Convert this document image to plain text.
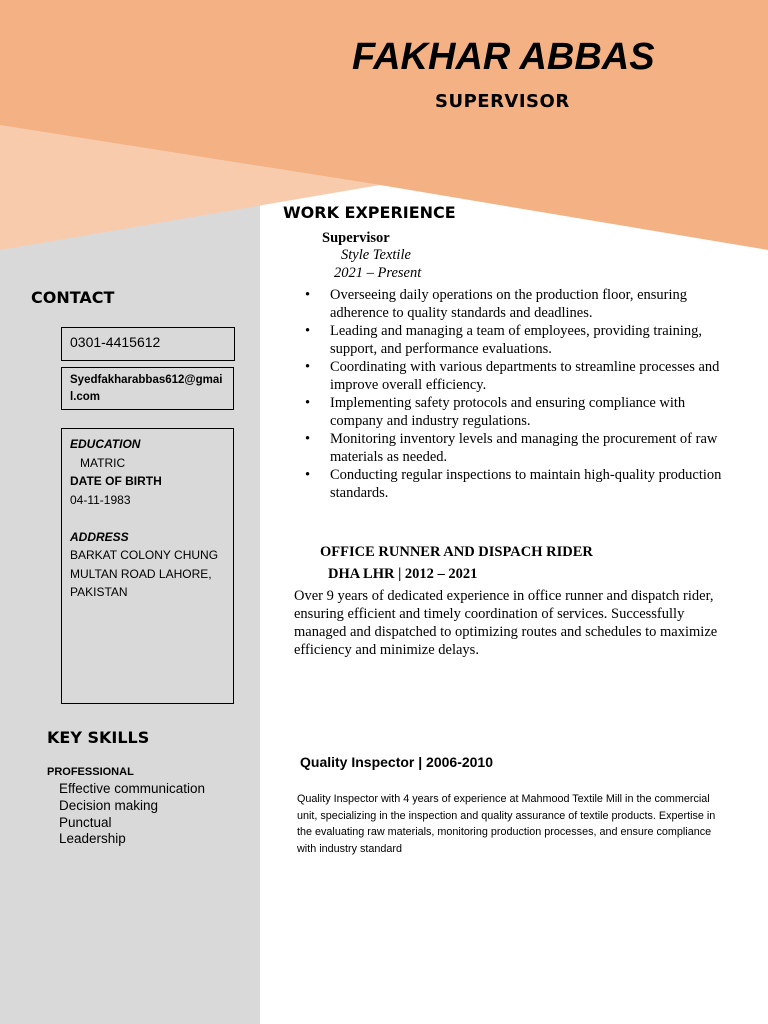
FAKHAR ABBAS
SUPERVISOR
CONTACT
0301-4415612
Syedfakharabbas612@gmail.com
EDUCATION
MATRIC
DATE OF BIRTH
04-11-1983
ADDRESS
BARKAT COLONY CHUNG
MULTAN ROAD LAHORE,
PAKISTAN
KEY SKILLS
PROFESSIONAL
Effective communication
Decision making
Punctual
Leadership
WORK EXPERIENCE
Supervisor
Style Textile
2021 – Present
• Overseeing daily operations on the production floor, ensuring adherence to quality standards and deadlines.
• Leading and managing a team of employees, providing training, support, and performance evaluations.
• Coordinating with various departments to streamline processes and improve overall efficiency.
• Implementing safety protocols and ensuring compliance with company and industry regulations.
• Monitoring inventory levels and managing the procurement of raw materials as needed.
• Conducting regular inspections to maintain high-quality production standards.
OFFICE RUNNER AND DISPACH RIDER
DHA LHR | 2012 – 2021

Over 9 years of dedicated experience in office runner and dispatch rider, ensuring efficient and timely coordination of services. Successfully managed and dispatched to optimizing routes and schedules to maximize efficiency and minimize delays.

Quality Inspector | 2006-2010

Quality Inspector with 4 years of experience at Mahmood Textile Mill in the commercial unit, specializing in the inspection and quality assurance of textile products. Expertise in the evaluating raw materials, monitoring production processes, and ensure compliance with industry standard
